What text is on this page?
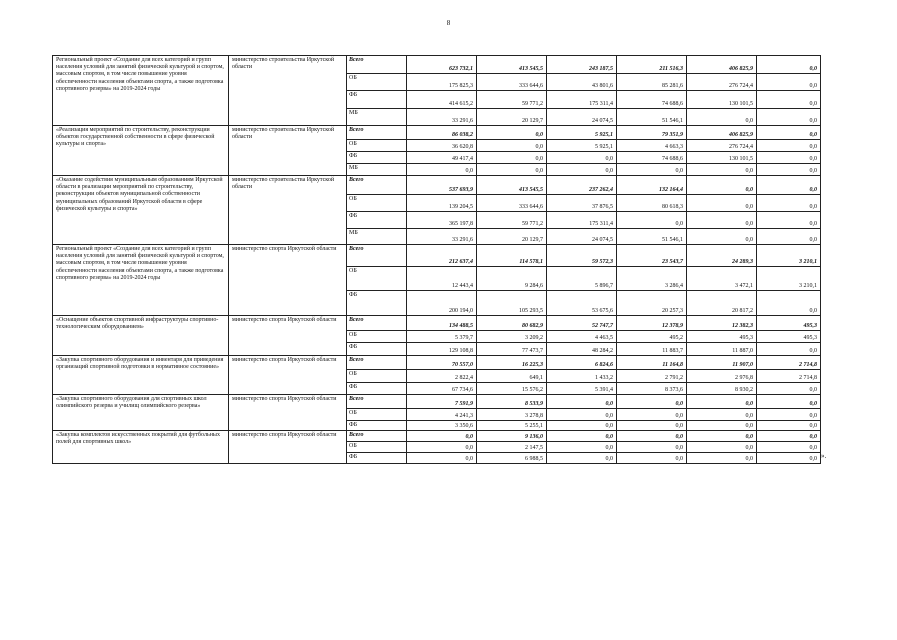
8
Региональный проект «Создание для всех категорий и групп населения условий для занятий физической культурой и спортом, массовым спортом, в том числе повышение уровня обеспеченности населения объектами спорта, а также подготовка спортивного резерва» на 2019-2024 годы	министерство строительства Иркутской области	Всего	623 732,1	413 545,5	243 187,5	211 516,3	406 825,9	0,0
		ОБ	175 825,3	333 644,6	43 801,6	85 281,6	276 724,4	0,0
		ФБ	414 615,2	59 771,2	175 311,4	74 688,6	130 101,5	0,0
		МБ	33 291,6	20 129,7	24 074,5	51 546,1	0,0	0,0
«Реализация мероприятий по строительству, реконструкции объектов государственной собственности в сфере физической культуры и спорта»	министерство строительства Иркутской области	Всего	86 038,2	0,0	5 925,1	79 351,9	406 825,9	0,0
		ОБ	36 620,8	0,0	5 925,1	4 663,3	276 724,4	0,0
		ФБ	49 417,4	0,0	0,0	74 688,6	130 101,5	0,0
		МБ	0,0	0,0	0,0	0,0	0,0	0,0
«Оказание содействия муниципальным образованиям Иркутской области в реализации мероприятий по строительству, реконструкции объектов муниципальной собственности муниципальных образований Иркутской области в сфере физической культуры и спорта»	министерство строительства Иркутской области	Всего	537 693,9	413 545,5	237 262,4	132 164,4	0,0	0,0
		ОБ	139 204,5	333 644,6	37 876,5	80 618,3	0,0	0,0
		ФБ	365 197,8	59 771,2	175 311,4	0,0	0,0	0,0
		МБ	33 291,6	20 129,7	24 074,5	51 546,1	0,0	0,0
Региональный проект «Создание для всех категорий и групп населения условий для занятий физической культурой и спортом, массовым спортом, в том числе повышение уровня обеспеченности населения объектами спорта, а также подготовка спортивного резерва» на 2019-2024 годы	министерство спорта Иркутской области	Всего	212 637,4	114 578,1	59 572,3	23 543,7	24 289,3	3 210,1
		ОБ	12 443,4	9 284,6	5 896,7	3 286,4	3 472,1	3 210,1
		ФБ	200 194,0	105 293,5	53 675,6	20 257,3	20 817,2	0,0
«Оснащение объектов спортивной инфраструктуры спортивно-технологическим оборудованием»	министерство спорта Иркутской области	Всего	134 488,5	80 682,9	52 747,7	12 378,9	12 382,3	495,3
		ОБ	5 379,7	3 209,2	4 463,5	495,2	495,3	495,3
		ФБ	129 108,8	77 473,7	48 284,2	11 883,7	11 887,0	0,0
«Закупка спортивного оборудования и инвентаря для приведения организаций спортивной подготовки в нормативное состояние»	министерство спорта Иркутской области	Всего	70 557,0	16 225,3	6 824,6	11 164,8	11 907,0	2 714,8
		ОБ	2 822,4	649,1	1 433,2	2 791,2	2 976,8	2 714,8
		ФБ	67 734,6	15 576,2	5 391,4	8 373,6	8 930,2	0,0
«Закупка спортивного оборудования для спортивных школ олимпийского резерва и училищ олимпийского резерва»	министерство спорта Иркутской области	Всего	7 591,9	8 533,9	0,0	0,0	0,0	0,0
		ОБ	4 241,3	3 278,8	0,0	0,0	0,0	0,0
		ФБ	3 350,6	5 255,1	0,0	0,0	0,0	0,0
«Закупка комплектов искусственных покрытий для футбольных полей для спортивных школ»	министерство спорта Иркутской области	Всего	0,0	9 136,0	0,0	0,0	0,0	0,0
		ОБ	0,0	2 147,5	0,0	0,0	0,0	0,0
		ФБ	0,0	6 988,5	0,0	0,0	0,0	0,0 ».
